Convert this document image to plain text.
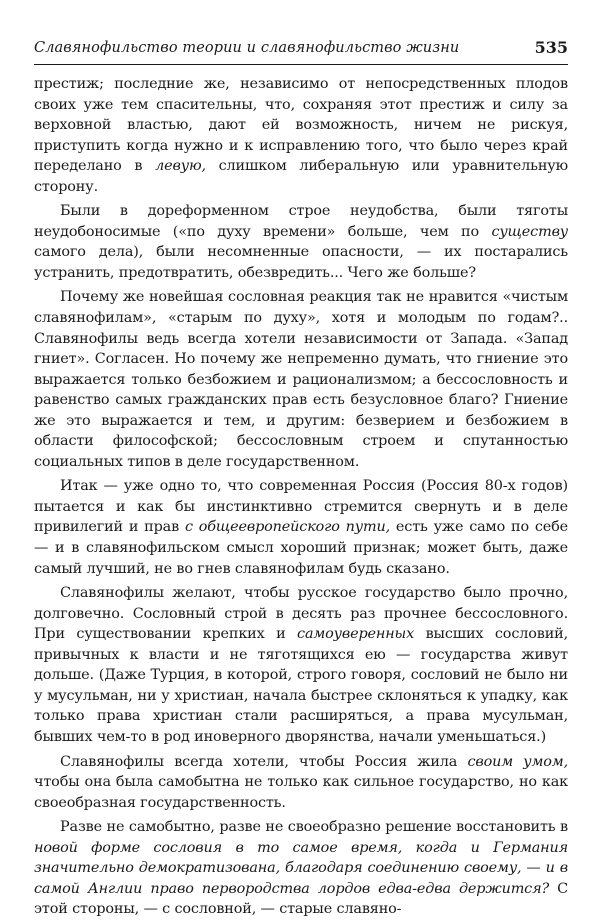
Славянофильство теории и славянофильство жизни	535

престиж; последние же, независимо от непосредственных плодов своих уже тем спасительны, что, сохраняя этот престиж и силу за верховной властью, дают ей возможность, ничем не рискуя, приступить когда нужно и к исправлению того, что было через край переделано в левую, слишком либеральную или уравнительную сторону.

Были в дореформенном строе неудобства, были тяготы неудобоносимые («по духу времени» больше, чем по существу самого дела), были несомненные опасности, — их постарались устранить, предотвратить, обезвредить... Чего же больше?

Почему же новейшая сословная реакция так не нравится «чистым славянофилам», «старым по духу», хотя и молодым по годам?.. Славянофилы ведь всегда хотели независимости от Запада. «Запад гниет». Согласен. Но почему же непременно думать, что гниение это выражается только безбожием и рационализмом; а бессословность и равенство самых гражданских прав есть безусловное благо? Гниение же это выражается и тем, и другим: безверием и безбожием в области философской; бессословным строем и спутанностью социальных типов в деле государственном.

Итак — уже одно то, что современная Россия (Россия 80-х годов) пытается и как бы инстинктивно стремится свернуть и в деле привилегий и прав с общеевропейского пути, есть уже само по себе — и в славянофильском смысл хороший признак; может быть, даже самый лучший, не во гнев славянофилам будь сказано.

Славянофилы желают, чтобы русское государство было прочно, долговечно. Сословный строй в десять раз прочнее бессословного. При существовании крепких и самоуверенных высших сословий, привычных к власти и не тяготящихся ею — государства живут дольше. (Даже Турция, в которой, строго говоря, сословий не было ни у мусульман, ни у христиан, начала быстрее склоняться к упадку, как только права христиан стали расширяться, а права мусульман, бывших чем-то в род иноверного дворянства, начали уменьшаться.)

Славянофилы всегда хотели, чтобы Россия жила своим умом, чтобы она была самобытна не только как сильное государство, но как своеобразная государственность.

Разве не самобытно, разве не своеобразно решение восстановить в новой форме сословия в то самое время, когда и Германия значительно демократизована, благодаря соединению своему, — и в самой Англии право первородства лордов едва-едва держится? С этой стороны, — с сословной, — старые славяно-
